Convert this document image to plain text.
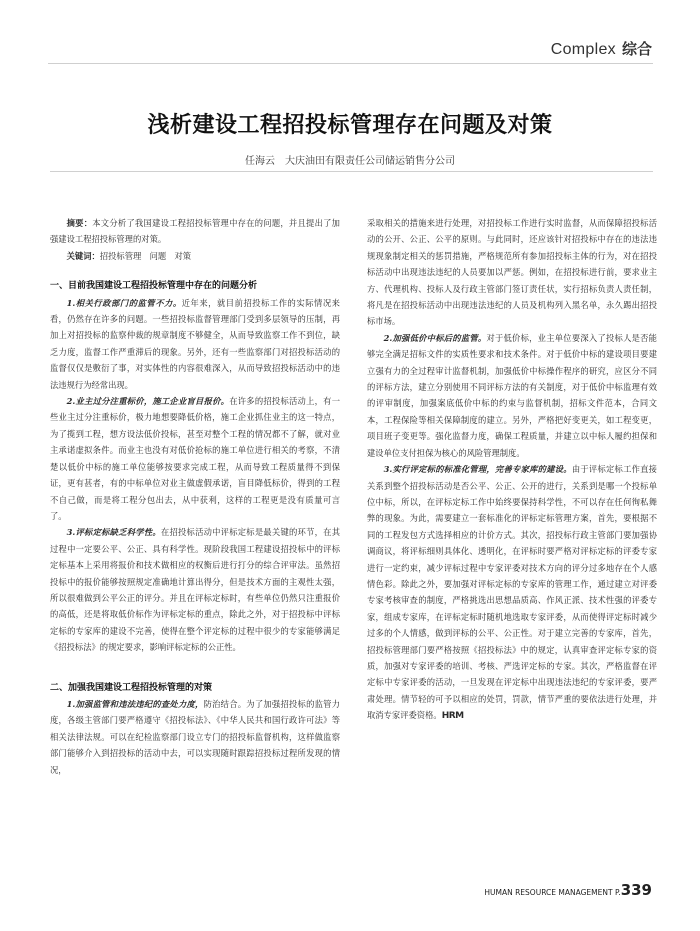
Complex 综合
浅析建设工程招投标管理存在问题及对策
任海云　 大庆油田有限责任公司储运销售分公司

摘要：本文分析了我国建设工程招投标管理中存在的问题，并且提出了加强建设工程招投标管理的对策。

关键词：招投标管理　问题　对策

一、目前我国建设工程招投标管理中存在的问题分析

1.相关行政部门的监管不力。近年来，就目前招投标工作的实际情况来看，仍然存在许多的问题。一些招投标监督管理部门受到多层领导的压制，再加上对招投标的监察仲裁的规章制度不够健全，从而导致监察工作不到位，缺乏力度，监督工作严重滞后的现象。另外，还有一些监察部门对招投标活动的监督仅仅是敷衍了事，对实体性的内容很难深入，从而导致招投标活动中的违法违规行为经常出现。

2.业主过分注重标价，施工企业盲目报价。在许多的招投标活动上，有一些业主过分注重标价，极力地想要降低价格，施工企业抓住业主的这一特点，为了揽到工程，想方设法低价投标，甚至对整个工程的情况都不了解，就对业主承诺虚拟条件。而业主也没有对低价抢标的施工单位进行相关的考察，不清楚以低价中标的施工单位能够按要求完成工程，从而导致工程质量得不到保证，更有甚者，有的中标单位对业主做虚假承诺，盲目降低标价，得到的工程不自己做，而是将工程分包出去，从中获利，这样的工程更是没有质量可言了。

3.评标定标缺乏科学性。在招投标活动中评标定标是最关键的环节，在其过程中一定要公平、公正、具有科学性。现阶段我国工程建设招投标中的评标定标基本上采用将报价和技术做相应的权衡后进行打分的综合评审法。虽然招投标中的报价能够按照规定准确地计算出得分，但是技术方面的主观性太强，所以很难做到公平公正的评分。并且在评标定标时，有些单位仍然只注重报价的高低，还是将取低价标作为评标定标的重点，除此之外，对于招投标中评标定标的专家库的建设不完善，使得在整个评定标的过程中很少的专家能够满足《招投标法》的规定要求，影响评标定标的公正性。

二、加强我国建设工程招投标管理的对策

1.加强监管和违法违纪的查处力度，防治结合。为了加强招投标的监管力度，各级主管部门要严格遵守《招投标法》、《中华人民共和国行政许可法》等相关法律法规。可以在纪检监察部门设立专门的招投标监督机构，这样做监察部门能够介入到招投标的活动中去，可以实现随时跟踪招投标过程所发现的情况，

采取相关的措施来进行处理，对招投标工作进行实时监督，从而保障招投标活动的公开、公正、公平的原则。与此同时，还应该针对招投标中存在的违法违规现象制定相关的惩罚措施，严格规范所有参加招投标主体的行为，对在招投标活动中出现违法违纪的人员要加以严惩。例如，在招投标进行前，要求业主方、代理机构、投标人及行政主管部门签订责任状，实行招标负责人责任制，将凡是在招投标活动中出现违法违纪的人员及机构列入黑名单，永久踢出招投标市场。

2.加强低价中标后的监管。对于低价标，业主单位要深入了投标人是否能够完全满足招标文件的实质性要求和技术条件。对于低价中标的建设项目要建立强有力的全过程审计监督机制，加强低价中标操作程序的研究，应区分不同的评标方法，建立分别使用不同评标方法的有关制度，对于低价中标监理有效的评审制度，加强案底低价中标的约束与监督机制，招标文件范本，合同文本，工程保险等相关保障制度的建立。另外，严格把好变更关，如工程变更，项目班子变更等。强化监督力度，确保工程质量，并建立以中标人履约担保和建设单位支付担保为核心的风险管理制度。

3.实行评定标的标准化管理，完善专家库的建设。由于评标定标工作直接关系到整个招投标活动是否公平、公正、公开的进行，关系到是哪一个投标单位中标，所以，在评标定标工作中始终要保持科学性，不可以存在任何徇私舞弊的现象。为此，需要建立一套标准化的评标定标管理方案，首先，要根据不同的工程发包方式选择相应的计价方式。其次，招投标行政主管部门要加强协调商议，将评标细则具体化、透明化，在评标时要严格对评标定标的评委专家进行一定约束，减少评标过程中专家评委对技术方向的评分过多地存在个人感情色彩。除此之外，要加强对评标定标的专家库的管理工作，通过建立对评委专家考核审查的制度，严格挑选出思想品质高、作风正派、技术性强的评委专家，组成专家库，在评标定标时随机地选取专家评委，从而使得评定标时减少过多的个人情感，做到评标的公平、公正性。对于建立完善的专家库，首先，招投标管理部门要严格按照《招投标法》中的规定，认真审查评定标专家的资质，加强对专家评委的培训、考核、严选评定标的专家。其次，严格监督在评定标中专家评委的活动，一旦发现在评定标中出现违法违纪的专家评委，要严肃处理。情节轻的可予以相应的处罚，罚款，情节严重的要依法进行处理，并取消专家评委资格。HRM

HUMAN RESOURCE MANAGEMENT P.339
